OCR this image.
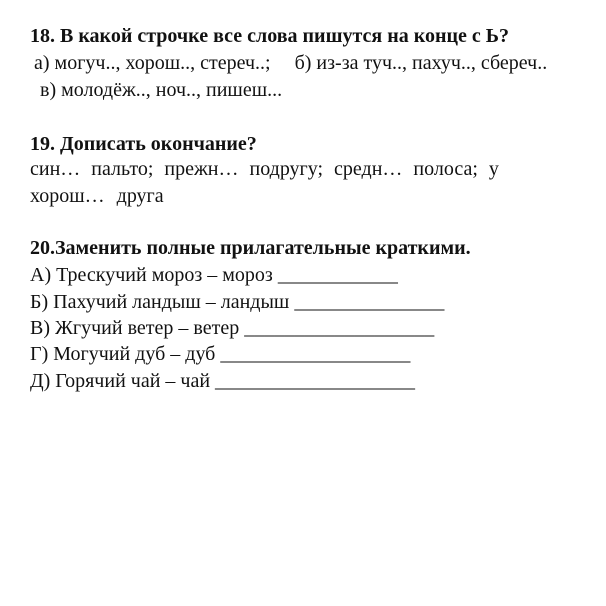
18. В какой строчке все слова пишутся на конце с Ь?
а) могуч.., хорош.., стереч..; б) из-за туч.., пахуч.., сбереч..
в) молодёж.., ноч.., пишеш...
19. Дописать окончание?
син… пальто; прежн… подругу; средн… полоса; у
хорош… друга
20.Заменить полные прилагательные краткими.
А) Трескучий мороз – мороз ____________
Б) Пахучий ландыш – ландыш _______________
В) Жгучий ветер – ветер ___________________
Г) Могучий дуб – дуб ___________________
Д) Горячий чай – чай ____________________
